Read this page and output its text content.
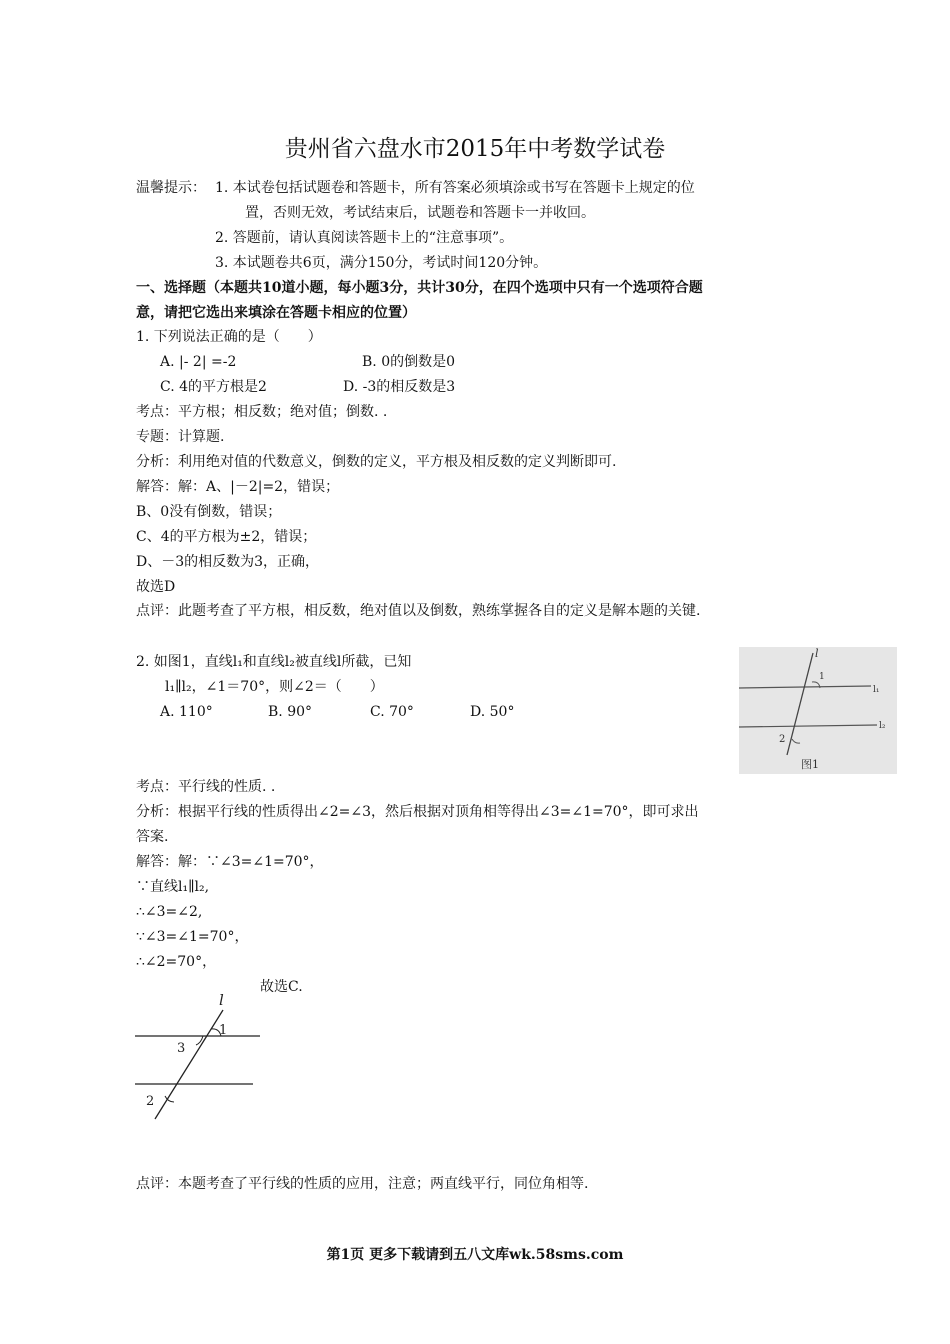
贵州省六盘水市2015年中考数学试卷
温馨提示： 1. 本试卷包括试题卷和答题卡，所有答案必须填涂或书写在答题卡上规定的位
置，否则无效，考试结束后，试题卷和答题卡一并收回。
2. 答题前，请认真阅读答题卡上的“注意事项”。
3. 本试题卷共6页，满分150分，考试时间120分钟。
一、选择题（本题共10道小题，每小题3分，共计30分，在四个选项中只有一个选项符合题
意，请把它选出来填涂在答题卡相应的位置）
1. 下列说法正确的是（　　）
A. |- 2| =-2	B. 0的倒数是0
C. 4的平方根是2	D. -3的相反数是3
考点：平方根；相反数；绝对值；倒数. .
专题：计算题.
分析：利用绝对值的代数意义，倒数的定义，平方根及相反数的定义判断即可.
解答：解：A、|－2|=2，错误；
B、0没有倒数，错误；
C、4的平方根为±2，错误；
D、－3的相反数为3，正确，
故选D
点评：此题考查了平方根，相反数，绝对值以及倒数，熟练掌握各自的定义是解本题的关键.
2. 如图1，直线l₁和直线l₂被直线l所截，已知
l₁∥l₂，∠1＝70°，则∠2＝（　　）
A. 110°	B. 90°	C. 70°	D. 50°
l
l₁
l₂
1
2
图1
考点：平行线的性质. .
分析：根据平行线的性质得出∠2=∠3，然后根据对顶角相等得出∠3=∠1=70°，即可求出
答案.
解答：解：∵∠3=∠1=70°，
∵直线l₁∥l₂,
∴∠3=∠2,
∵∠3=∠1=70°，
∴∠2=70°，
故选C.
l
1
3
2
点评：本题考查了平行线的性质的应用，注意；两直线平行，同位角相等.
第1页 更多下载请到五八文库wk.58sms.com
